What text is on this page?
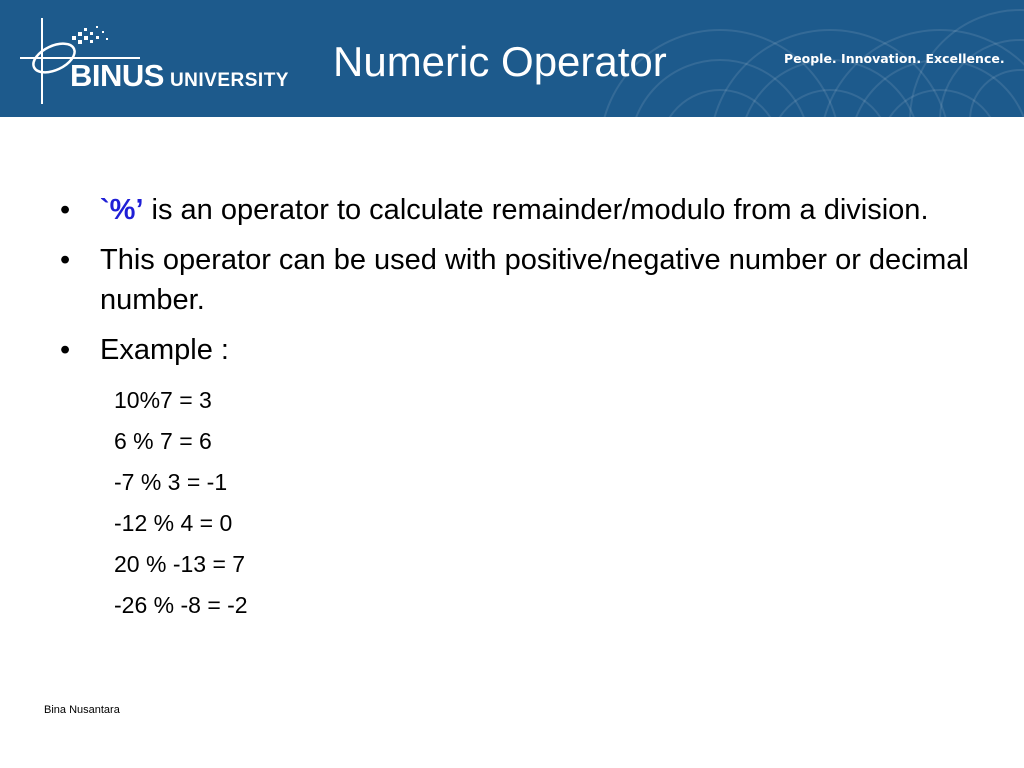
BINUS UNIVERSITY Numeric Operator	People. Innovation. Excellence.
•	`%’ is an operator to calculate remainder/modulo from a division.
•	This operator can be used with positive/negative number or decimal number.
•	Example :
10%7 = 3
6 % 7 = 6
-7 % 3 = -1
-12 % 4 = 0
20 % -13 = 7
-26 % -8 = -2
Bina Nusantara
